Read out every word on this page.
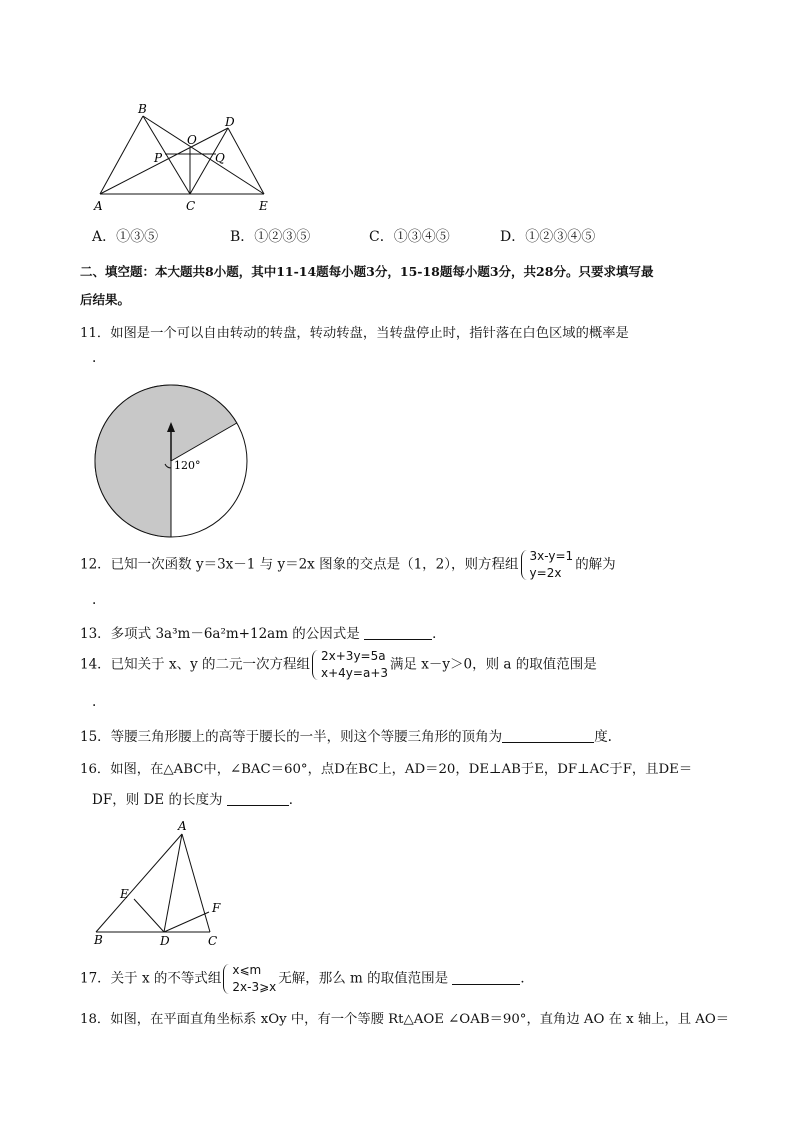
B
O
D
P	Q
A	C	E
A．①③⑤	B．①②③⑤	C．①③④⑤	D．①②③④⑤
二、填空题：本大题共8小题，其中11-14题每小题3分，15-18题每小题3分，共28分。只要求填写最
后结果。
11．如图是一个可以自由转动的转盘，转动转盘，当转盘停止时，指针落在白色区域的概率是
.
120°
12．已知一次函数 y＝3x－1 与 y＝2x 图象的交点是（1，2），则方程组
3x-y=1
y=2x
的解为
.
13．多项式 3a³m－6a²m+12am 的公因式是	．
14．已知关于 x、y 的二元一次方程组
2x+3y=5a
x+4y=a+3
满足 x－y＞0，则 a 的取值范围是
.
15．等腰三角形腰上的高等于腰长的一半，则这个等腰三角形的顶角为	度.
16．如图，在△ABC中，∠BAC＝60°，点D在BC上，AD＝20，DE⊥AB于E，DF⊥AC于F，且DE＝
DF，则 DE 的长度为	．
A
E
F
B	D	C
17．关于 x 的不等式组
x⩽m
2x-3⩾x
无解，那么 m 的取值范围是	．
18．如图，在平面直角坐标系 xOy 中，有一个等腰 Rt△AOE ∠OAB＝90°，直角边 AO 在 x 轴上，且 AO＝
